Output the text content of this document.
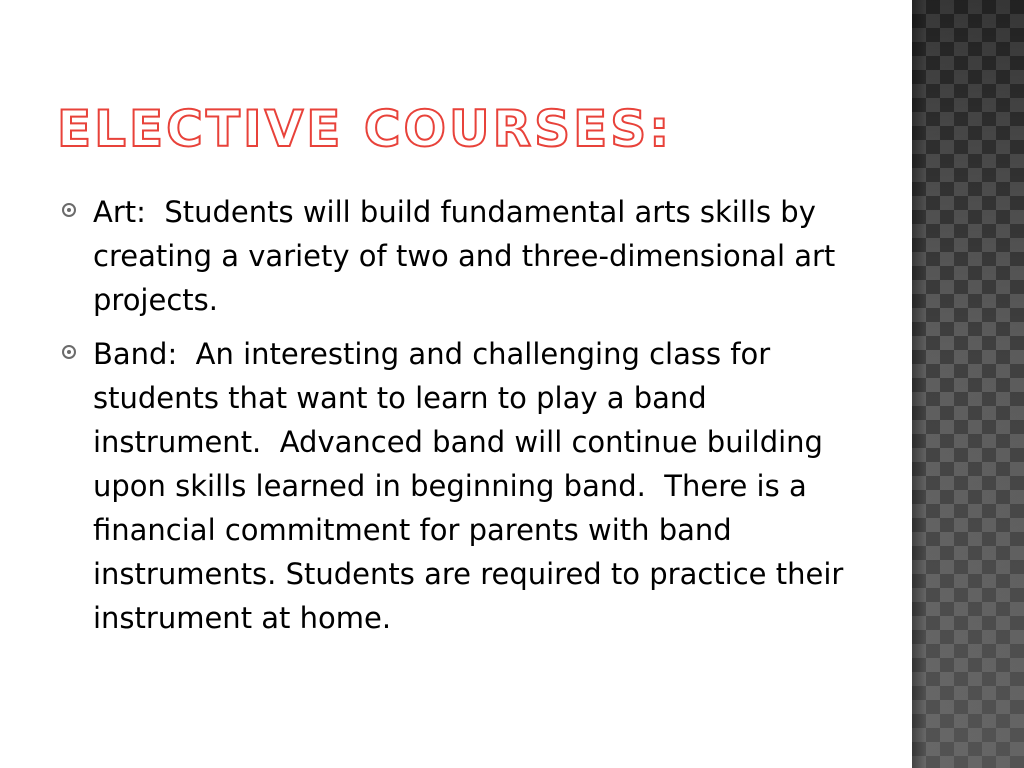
ELECTIVE COURSES:
Art:  Students will build fundamental arts skills by creating a variety of two and three-dimensional art projects.
Band:  An interesting and challenging class for students that want to learn to play a band instrument.  Advanced band will continue building upon skills learned in beginning band.  There is a financial commitment for parents with band instruments. Students are required to practice their instrument at home.
